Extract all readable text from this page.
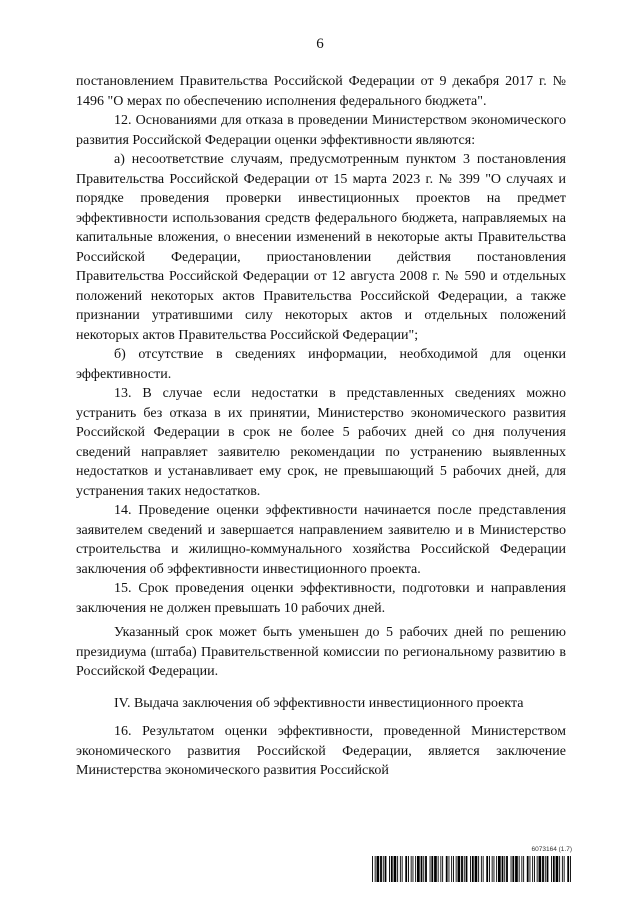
6

постановлением Правительства Российской Федерации от 9 декабря 2017 г. № 1496 "О мерах по обеспечению исполнения федерального бюджета".

12. Основаниями для отказа в проведении Министерством экономического развития Российской Федерации оценки эффективности являются:

а) несоответствие случаям, предусмотренным пунктом 3 постановления Правительства Российской Федерации от 15 марта 2023 г. № 399 "О случаях и порядке проведения проверки инвестиционных проектов на предмет эффективности использования средств федерального бюджета, направляемых на капитальные вложения, о внесении изменений в некоторые акты Правительства Российской Федерации, приостановлении действия постановления Правительства Российской Федерации от 12 августа 2008 г. № 590 и отдельных положений некоторых актов Правительства Российской Федерации, а также признании утратившими силу некоторых актов и отдельных положений некоторых актов Правительства Российской Федерации";

б) отсутствие в сведениях информации, необходимой для оценки эффективности.

13. В случае если недостатки в представленных сведениях можно устранить без отказа в их принятии, Министерство экономического развития Российской Федерации в срок не более 5 рабочих дней со дня получения сведений направляет заявителю рекомендации по устранению выявленных недостатков и устанавливает ему срок, не превышающий 5 рабочих дней, для устранения таких недостатков.

14. Проведение оценки эффективности начинается после представления заявителем сведений и завершается направлением заявителю и в Министерство строительства и жилищно-коммунального хозяйства Российской Федерации заключения об эффективности инвестиционного проекта.

15. Срок проведения оценки эффективности, подготовки и направления заключения не должен превышать 10 рабочих дней.

Указанный срок может быть уменьшен до 5 рабочих дней по решению президиума (штаба) Правительственной комиссии по региональному развитию в Российской Федерации.

IV. Выдача заключения об эффективности инвестиционного проекта

16. Результатом оценки эффективности, проведенной Министерством экономического развития Российской Федерации, является заключение Министерства экономического развития Российской

6073164 (1.7)
